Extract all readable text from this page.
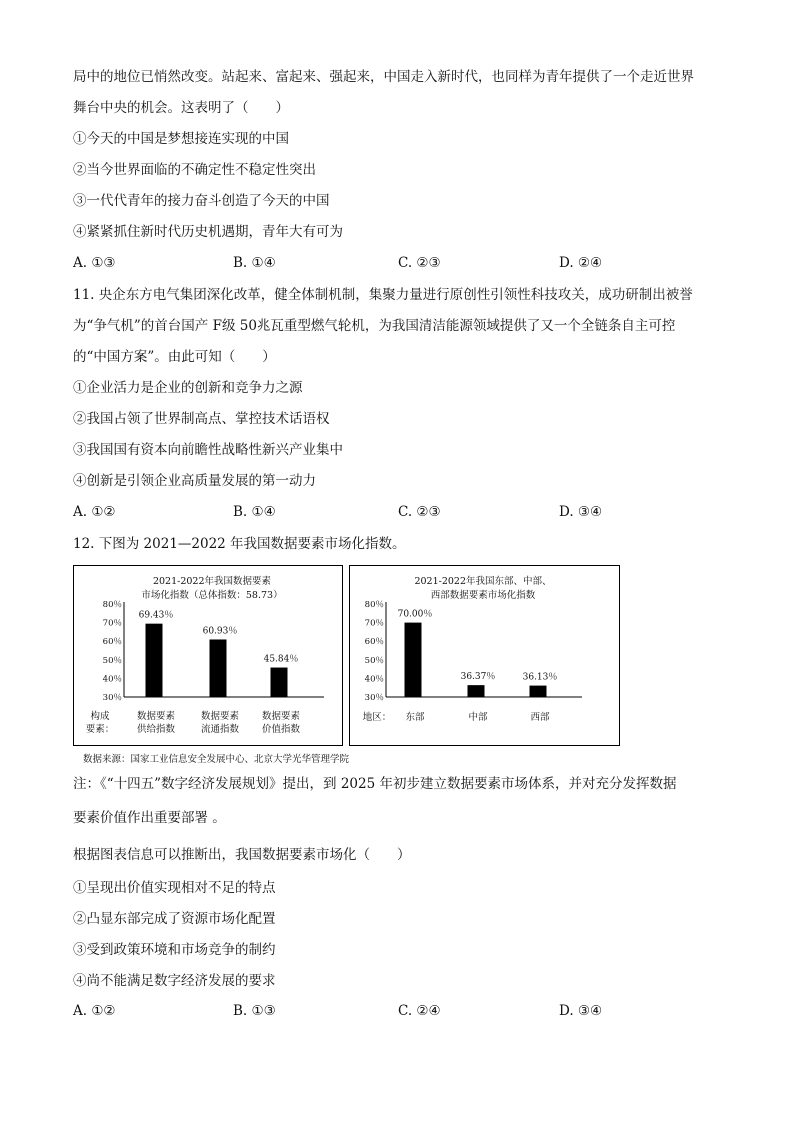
局中的地位已悄然改变。站起来、富起来、强起来，中国走入新时代，也同样为青年提供了一个走近世界
舞台中央的机会。这表明了（　　）
①今天的中国是梦想接连实现的中国
②当今世界面临的不确定性不稳定性突出
③一代代青年的接力奋斗创造了今天的中国
④紧紧抓住新时代历史机遇期，青年大有可为
A. ①③	B. ①④	C. ②③	D. ②④
11. 央企东方电气集团深化改革，健全体制机制，集聚力量进行原创性引领性科技攻关，成功研制出被誉
为“争气机”的首台国产 F级 50兆瓦重型燃气轮机，为我国清洁能源领域提供了又一个全链条自主可控
的“中国方案”。由此可知（　　）
①企业活力是企业的创新和竞争力之源
②我国占领了世界制高点、掌控技术话语权
③我国国有资本向前瞻性战略性新兴产业集中
④创新是引领企业高质量发展的第一动力
A. ①②	B. ①④	C. ②③	D. ③④
12. 下图为 2021—2022 年我国数据要素市场化指数。
2021-2022年我国数据要素
市场化指数（总体指数：58.73）
30％
40％
50％
60％
70％
80％
69.43％
60.93％
45.84％
数据要素
供给指数
数据要素
流通指数
数据要素
价值指数
构成
要素：
2021-2022年我国东部、中部、
西部数据要素市场化指数
30％
40％
50％
60％
70％
80％
70.00％
36.37％	36.13％
东部	中部	西部
地区：
数据来源：国家工业信息安全发展中心、北京大学光华管理学院
注：《“十四五”数字经济发展规划》提出，到 2025 年初步建立数据要素市场体系，并对充分发挥数据
要素价值作出重要部署 。
根据图表信息可以推断出，我国数据要素市场化（　　）
①呈现出价值实现相对不足的特点
②凸显东部完成了资源市场化配置
③受到政策环境和市场竞争的制约
④尚不能满足数字经济发展的要求
A. ①②	B. ①③	C. ②④	D. ③④
